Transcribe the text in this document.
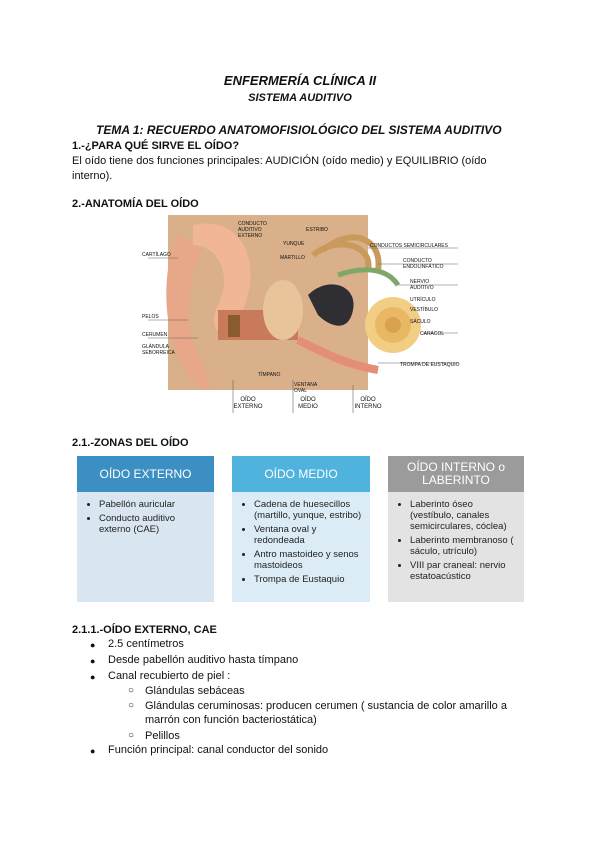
ENFERMERÍA CLÍNICA II
SISTEMA AUDITIVO
TEMA 1: RECUERDO ANATOMOFISIOLÓGICO DEL SISTEMA AUDITIVO
1.-¿PARA QUÉ SIRVE EL OÍDO?
El oído tiene dos funciones principales: AUDICIÓN (oído medio) y EQUILIBRIO (oído
interno).
2.-ANATOMÍA DEL OÍDO
CARTÍLAGO
CONDUCTO AUDITIVO EXTERNO
ESTRIBO
YUNQUE
MARTILLO
CONDUCTOS SEMICIRCULARES
CONDUCTO ENDOLINFÁTICO
NERVIO AUDITIVO
UTRÍCULO
VESTÍBULO
SÁCULO
CARACOL
TROMPA DE EUSTAQUIO
PELOS
CERUMEN
GLÁNDULA SEBORREICA
TÍMPANO
VENTANA OVAL
OÍDO EXTERNO
OÍDO MEDIO
OÍDO INTERNO
2.1.-ZONAS DEL OÍDO
OÍDO EXTERNO
• Pabellón auricular
• Conducto auditivo externo (CAE)
OÍDO MEDIO
• Cadena de huesecillos (martillo, yunque, estribo)
• Ventana oval y redondeada
• Antro mastoideo y senos mastoideos
• Trompa de Eustaquio
OÍDO INTERNO o LABERINTO
• Laberinto óseo (vestíbulo, canales semicirculares, cóclea)
• Laberinto membranoso ( sáculo, utrículo)
• VIII par craneal: nervio estatoacústico
2.1.1.-OÍDO EXTERNO, CAE
● 2.5 centímetros
● Desde pabellón auditivo hasta tímpano
● Canal recubierto de piel :
○ Glándulas sebáceas
○ Glándulas ceruminosas: producen cerumen ( sustancia de color amarillo a
marrón con función bacteriostática)
○ Pelillos
● Función principal: canal conductor del sonido
